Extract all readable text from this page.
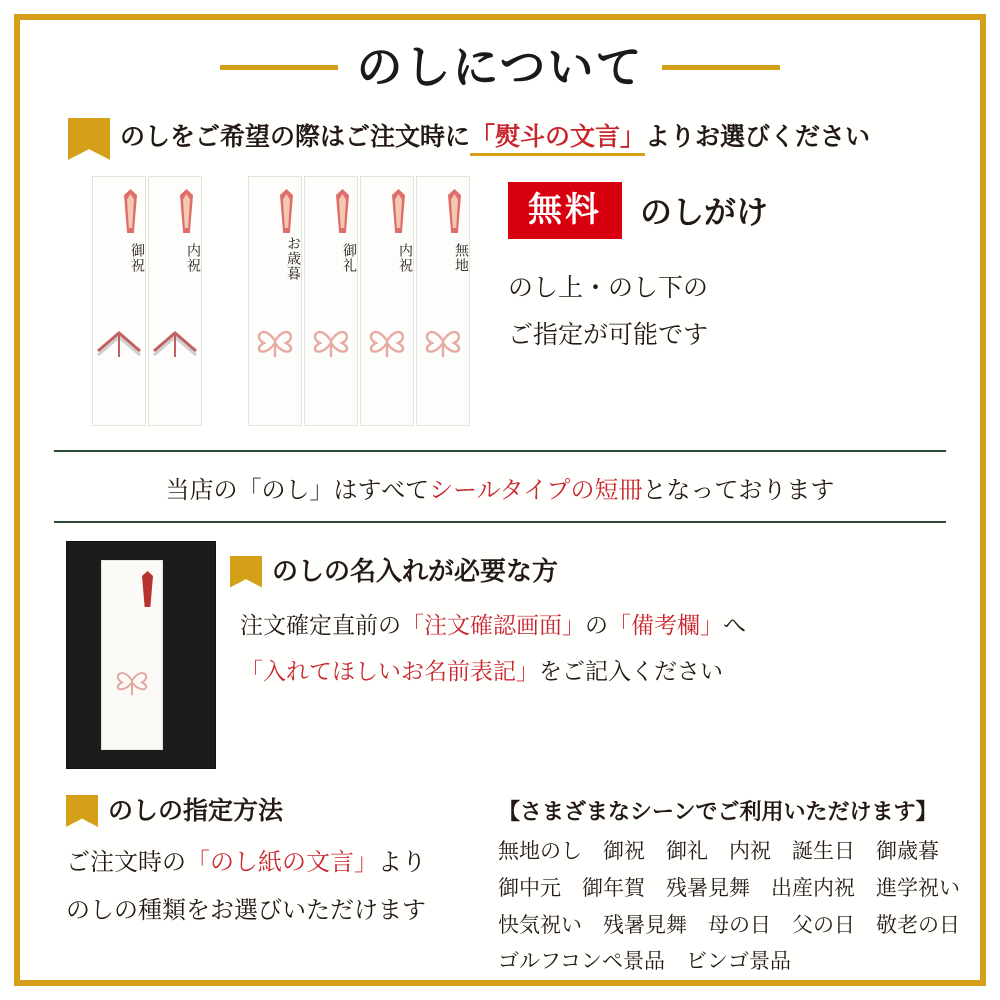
のしについて
のしをご希望の際はご注文時に「熨斗の文言」よりお選びください
御祝	内祝	お歳暮	御礼	内祝	無地
無料	のしがけ
のし上・のし下の
ご指定が可能です
当店の「のし」はすべてシールタイプの短冊となっております
のしの名入れが必要な方
注文確定直前の「注文確認画面」の「備考欄」へ
「入れてほしいお名前表記」をご記入ください
のしの指定方法
ご注文時の「のし紙の文言」より
のしの種類をお選びいただけます
【さまざまなシーンでご利用いただけます】
無地のし　御祝　御礼　内祝　誕生日　御歳暮
御中元　御年賀　残暑見舞　出産内祝　進学祝い
快気祝い　残暑見舞　母の日　父の日　敬老の日
ゴルフコンペ景品　ビンゴ景品
